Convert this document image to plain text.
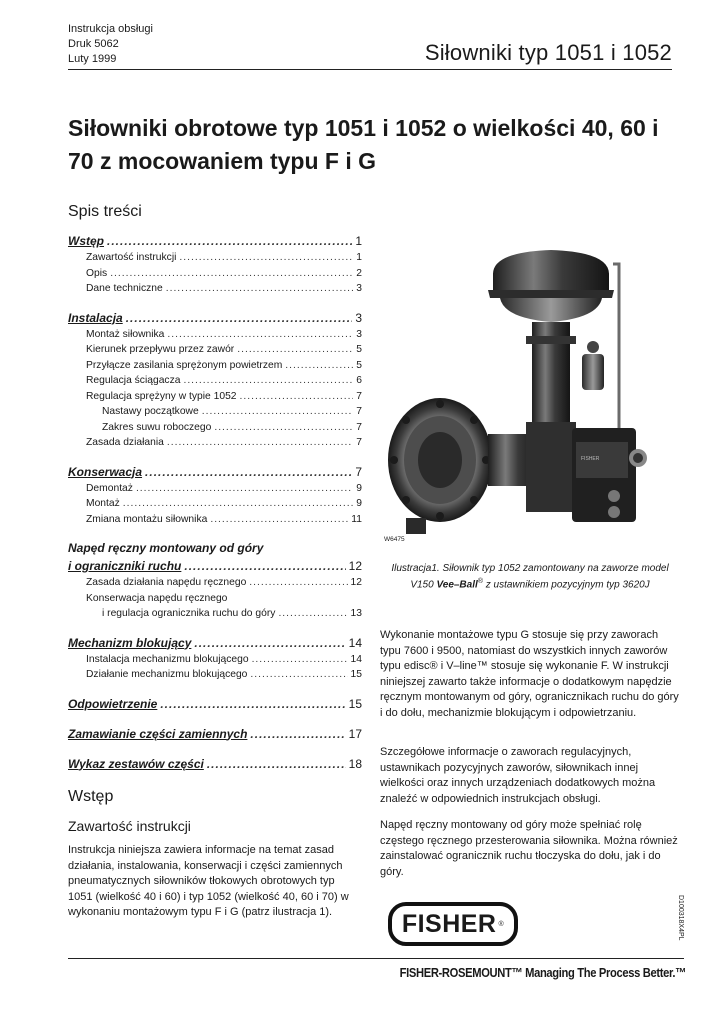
Instrukcja obsługi
Druk 5062
Luty 1999	Siłowniki typ 1051 i 1052
Siłowniki obrotowe typ 1051 i 1052 o wielkości 40, 60 i 70 z mocowaniem typu F i G
Spis treści
Wstęp .....	1
Zawartość instrukcji .....	1
Opis .....	2
Dane techniczne .....	3
Instalacja .....	3
Montaż siłownika .....	3
Kierunek przepływu przez zawór .....	5
Przyłącze zasilania sprężonym powietrzem .....	5
Regulacja ściągacza .....	6
Regulacja sprężyny w typie 1052 .....	7
Nastawy początkowe .....	7
Zakres suwu roboczego .....	7
Zasada działania .....	7
Konserwacja .....	7
Demontaż .....	9
Montaż .....	9
Zmiana montażu siłownika .....	11
Napęd ręczny montowany od góry
i ograniczniki ruchu .....	12
Zasada działania napędu ręcznego .....	12
Konserwacja napędu ręcznego
i regulacja ogranicznika ruchu do góry .....	13
Mechanizm blokujący .....	14
Instalacja mechanizmu blokującego .....	14
Działanie mechanizmu blokującego .....	15
Odpowietrzenie .....	15
Zamawianie części zamiennych .....	17
Wykaz zestawów części .....	18
Wstęp
Zawartość instrukcji
Instrukcja niniejsza zawiera informacje na temat zasad działania, instalowania, konserwacji i części zamiennych pneumatycznych siłowników tłokowych obrotowych typ 1051 (wielkość 40 i 60) i typ 1052 (wielkość 40, 60 i 70) w wykonaniu montażowym typu F i G (patrz ilustracja 1).
FISHER
W6475
Ilustracja1. Siłownik typ 1052 zamontowany na zaworze model V150 Vee–Ball® z ustawnikiem pozycyjnym typ 3620J
Wykonanie montażowe typu G stosuje się przy zaworach typu 7600 i 9500, natomiast do wszystkich innych zaworów typu edisc® i V–line™ stosuje się wykonanie F. W instrukcji niniejszej zawarto także informacje o dodatkowym napędzie ręcznym montowanym od góry, ogranicznikach ruchu do góry i do dołu, mechanizmie blokującym i odpowietrzaniu.
Szczegółowe informacje o zaworach regulacyjnych, ustawnikach pozycyjnych zaworów, siłownikach innej wielkości oraz innych urządzeniach dodatkowych można znaleźć w odpowiednich instrukcjach obsługi.
Napęd ręczny montowany od góry może spełniać rolę częstego ręcznego przesterowania siłownika. Można również zainstalować ogranicznik ruchu tłoczyska do dołu, jak i do góry.
FISHER ®	D100318X4PL
FISHER-ROSEMOUNT™ Managing The Process Better.™
